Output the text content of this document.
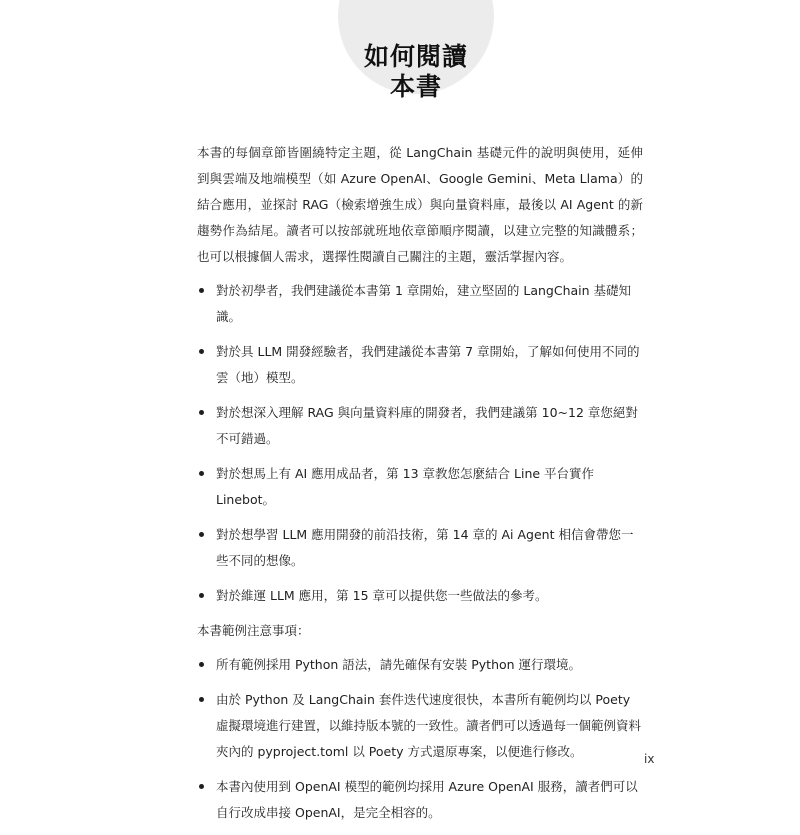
如何閱讀
本書

本書的每個章節皆圍繞特定主題，從 LangChain 基礎元件的說明與使用，延伸到與雲端及地端模型（如 Azure OpenAI、Google Gemini、Meta Llama）的結合應用，並探討 RAG（檢索增強生成）與向量資料庫，最後以 AI Agent 的新趨勢作為結尾。讀者可以按部就班地依章節順序閱讀，以建立完整的知識體系；也可以根據個人需求，選擇性閱讀自己關注的主題，靈活掌握內容。

對於初學者，我們建議從本書第 1 章開始，建立堅固的 LangChain 基礎知識。
對於具 LLM 開發經驗者，我們建議從本書第 7 章開始，了解如何使用不同的雲（地）模型。
對於想深入理解 RAG 與向量資料庫的開發者，我們建議第 10~12 章您絕對不可錯過。
對於想馬上有 AI 應用成品者，第 13 章教您怎麼結合 Line 平台實作 Linebot。
對於想學習 LLM 應用開發的前沿技術，第 14 章的 Ai Agent 相信會帶您一些不同的想像。
對於維運 LLM 應用，第 15 章可以提供您一些做法的參考。

本書範例注意事項：

所有範例採用 Python 語法，請先確保有安裝 Python 運行環境。
由於 Python 及 LangChain 套件迭代速度很快，本書所有範例均以 Poety 虛擬環境進行建置，以維持版本號的一致性。讀者們可以透過每一個範例資料夾內的 pyproject.toml 以 Poety 方式還原專案，以便進行修改。
本書內使用到 OpenAI 模型的範例均採用 Azure OpenAI 服務，讀者們可以自行改成串接 OpenAI，是完全相容的。
ix
